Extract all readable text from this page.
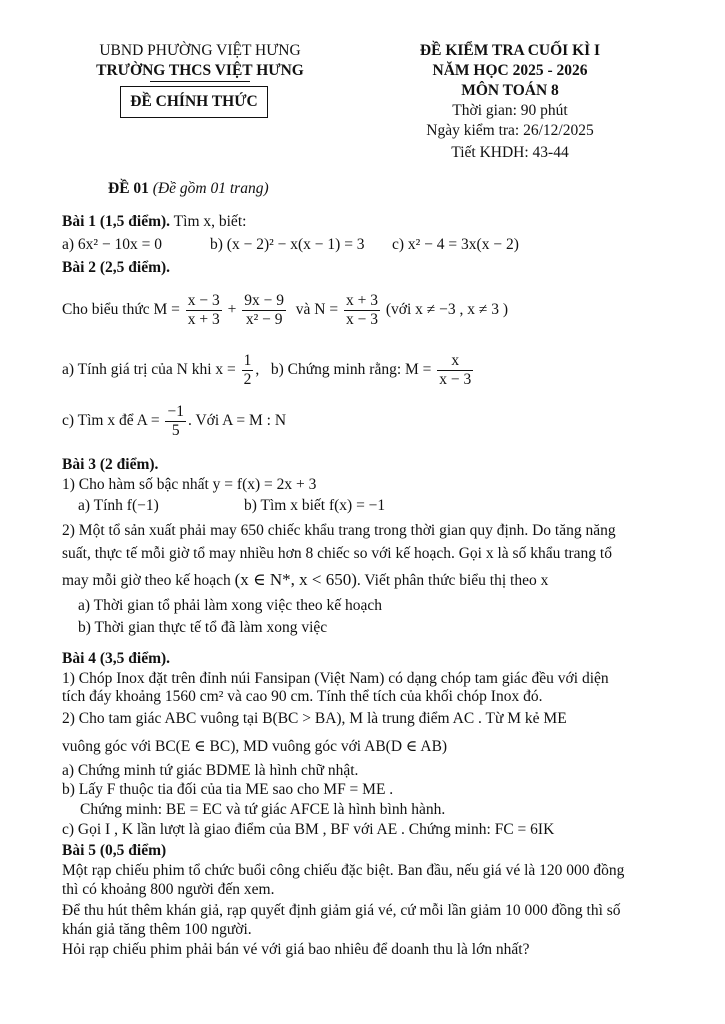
UBND PHƯỜNG VIỆT HƯNG
TRƯỜNG THCS VIỆT HƯNG
ĐỀ CHÍNH THỨC
ĐỀ KIỂM TRA CUỐI KÌ I
NĂM HỌC 2025 - 2026
MÔN TOÁN 8
Thời gian: 90 phút
Ngày kiểm tra: 26/12/2025
Tiết KHDH: 43-44
ĐỀ 01 (Đề gồm 01 trang)
Bài 1 (1,5 điểm). Tìm x, biết:
a) 6x² − 10x = 0	b) (x − 2)² − x(x − 1) = 3 c) x² − 4 = 3x(x − 2)
Bài 2 (2,5 điểm).
Cho biểu thức $M = \frac{x - 3}{x + 3} + \frac{9x - 9}{\text{x² − 9}}$ và $N = \frac{x + 3}{x - 3}$ (với x ≠ −3 , x ≠ 3 )
a) Tính giá trị của N khi $x = \frac{1}{2}$ , b) Chứng minh rằng: $M = \frac{x}{x - 3}$
c) Tìm x để $A = \frac{-1}{5}$ . Với A = M : N
Bài 3 (2 điểm).
1) Cho hàm số bậc nhất y = f(x) = 2x + 3
a) Tính f(−1)	b) Tìm x biết f(x) = −1
2) Một tổ sản xuất phải may 650 chiếc khẩu trang trong thời gian quy định. Do tăng năng
suất, thực tế mỗi giờ tổ may nhiều hơn 8 chiếc so với kế hoạch. Gọi x là số khẩu trang tổ
may mỗi giờ theo kế hoạch (x ∈ N*, x < 650). Viết phân thức biểu thị theo x
a) Thời gian tổ phải làm xong việc theo kế hoạch
b) Thời gian thực tế tổ đã làm xong việc
Bài 4 (3,5 điểm).
1) Chóp Inox đặt trên đỉnh núi Fansipan (Việt Nam) có dạng chóp tam giác đều với diện
tích đáy khoảng 1560 cm² và cao 90 cm. Tính thể tích của khối chóp Inox đó.
2) Cho tam giác ABC vuông tại B(BC > BA), M là trung điểm AC . Từ M kẻ ME
vuông góc với BC(E ∈ BC), MD vuông góc với AB(D ∈ AB)
a) Chứng minh tứ giác BDME là hình chữ nhật.
b) Lấy F thuộc tia đối của tia ME sao cho MF = ME .
Chứng minh: BE = EC và tứ giác AFCE là hình bình hành.
c) Gọi I , K lần lượt là giao điểm của BM , BF với AE . Chứng minh: FC = 6IK
Bài 5 (0,5 điểm)
Một rạp chiếu phim tổ chức buổi công chiếu đặc biệt. Ban đầu, nếu giá vé là 120 000 đồng
thì có khoảng 800 người đến xem.
Để thu hút thêm khán giả, rạp quyết định giảm giá vé, cứ mỗi lần giảm 10 000 đồng thì số
khán giả tăng thêm 100 người.
Hỏi rạp chiếu phim phải bán vé với giá bao nhiêu để doanh thu là lớn nhất?
